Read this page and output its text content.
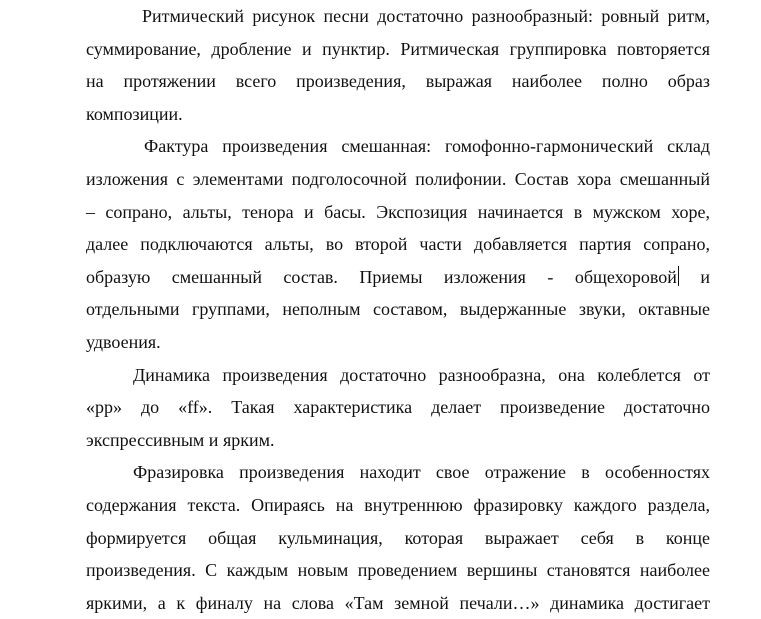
Ритмический рисунок песни достаточно разнообразный: ровный ритм,
суммирование, дробление и пунктир. Ритмическая группировка повторяется
на протяжении всего произведения, выражая наиболее полно образ
композиции.
Фактура произведения смешанная: гомофонно-гармонический склад
изложения с элементами подголосочной полифонии. Состав хора смешанный
– сопрано, альты, тенора и басы. Экспозиция начинается в мужском хоре,
далее подключаются альты, во второй части добавляется партия сопрано,
образую смешанный состав. Приемы изложения - общехоровой и
отдельными группами, неполным составом, выдержанные звуки, октавные
удвоения.
Динамика произведения достаточно разнообразна, она колеблется от
«pp» до «ff». Такая характеристика делает произведение достаточно
экспрессивным и ярким.
Фразировка произведения находит свое отражение в особенностях
содержания текста. Опираясь на внутреннюю фразировку каждого раздела,
формируется общая кульминация, которая выражает себя в конце
произведения. С каждым новым проведением вершины становятся наиболее
яркими, а к финалу на слова «Там земной печали…» динамика достигает
